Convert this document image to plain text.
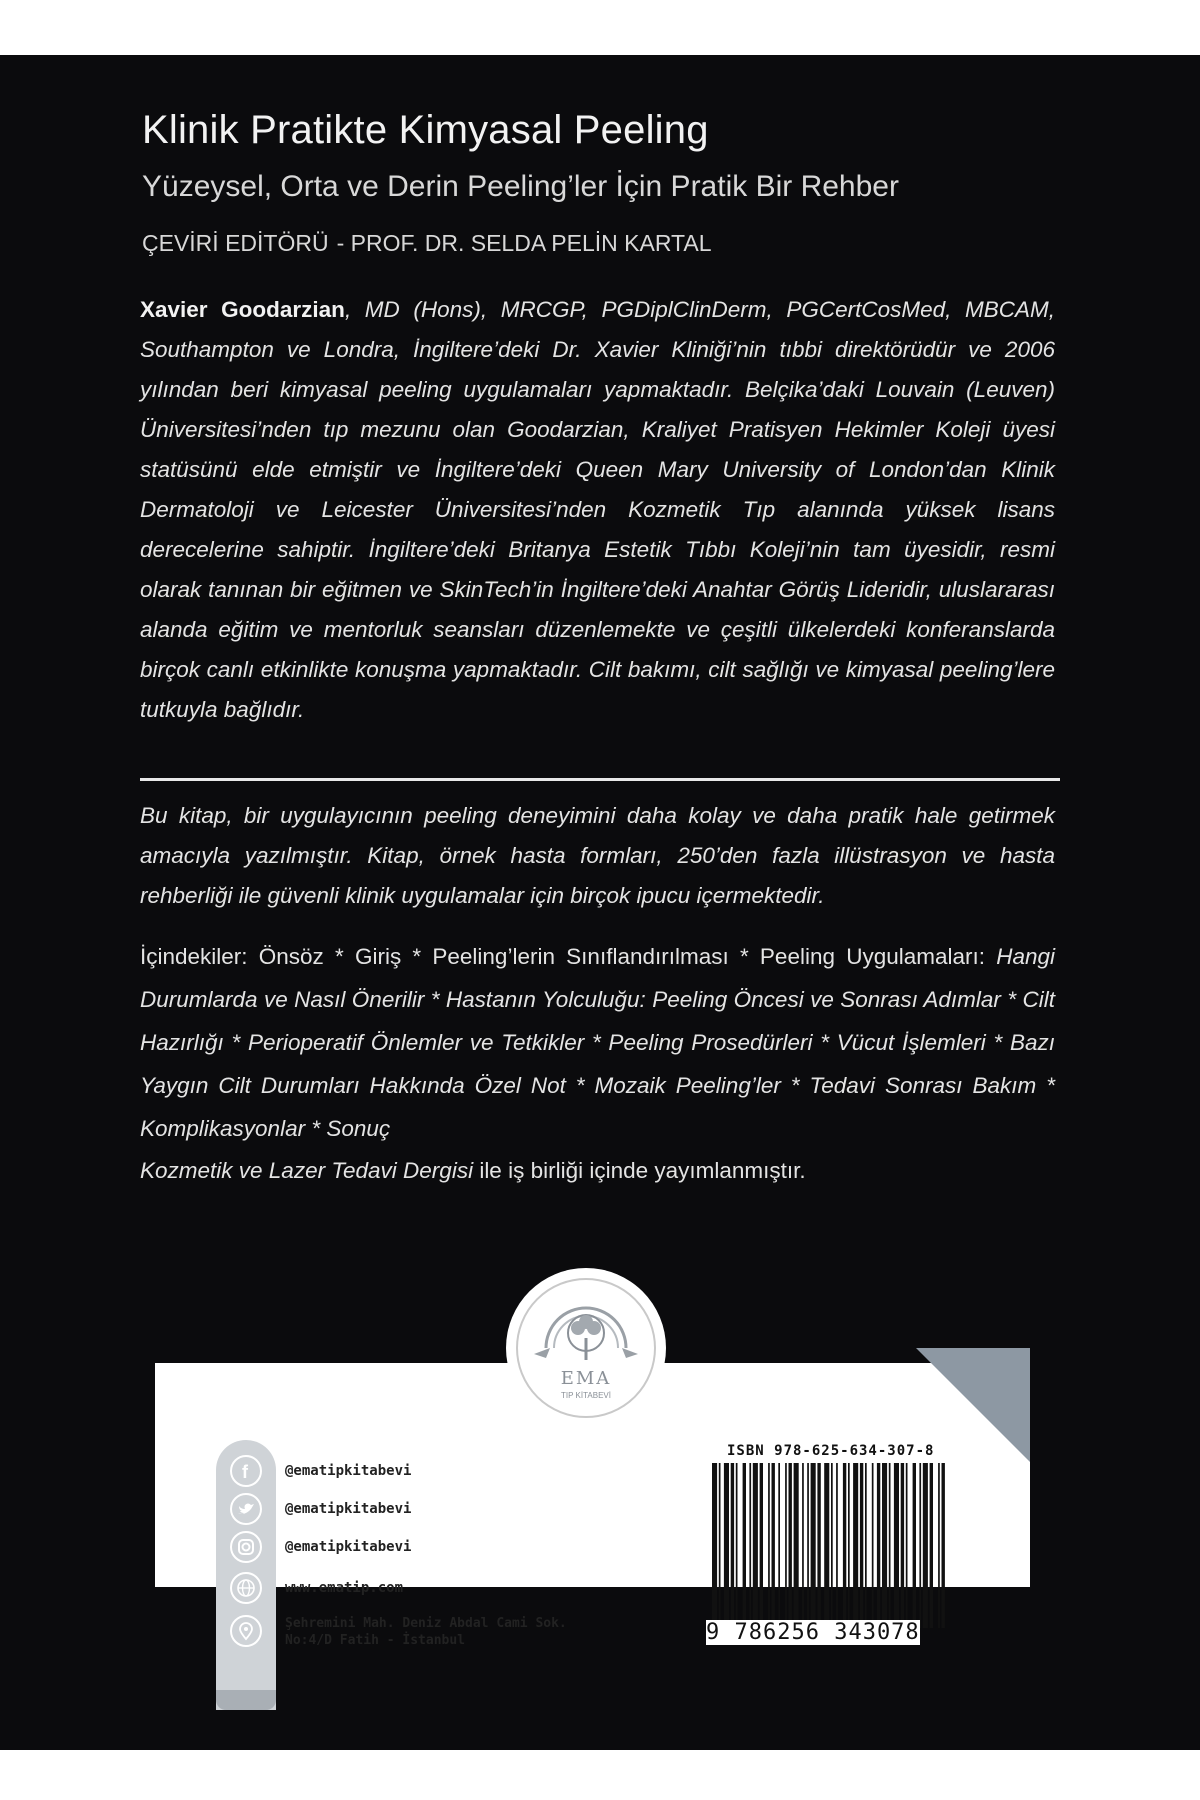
Klinik Pratikte Kimyasal Peeling
Yüzeysel, Orta ve Derin Peeling’ler İçin Pratik Bir Rehber
ÇEVİRİ EDİTÖRÜ - PROF. DR. SELDA PELİN KARTAL
Xavier Goodarzian, MD (Hons), MRCGP, PGDiplClinDerm, PGCertCosMed, MBCAM, Southampton ve Londra, İngiltere’deki Dr. Xavier Kliniği’nin tıbbi direktörüdür ve 2006 yılından beri kimyasal peeling uygulamaları yapmaktadır. Belçika’daki Louvain (Leuven) Üniversitesi’nden tıp mezunu olan Goodarzian, Kraliyet Pratisyen Hekimler Koleji üyesi statüsünü elde etmiştir ve İngiltere’deki Queen Mary University of London’dan Klinik Dermatoloji ve Leicester Üniversitesi’nden Kozmetik Tıp alanında yüksek lisans derecelerine sahiptir. İngiltere’deki Britanya Estetik Tıbbı Koleji’nin tam üyesidir, resmi olarak tanınan bir eğitmen ve SkinTech’in İngiltere’deki Anahtar Görüş Lideridir, uluslararası alanda eğitim ve mentorluk seansları düzenlemekte ve çeşitli ülkelerdeki konferanslarda birçok canlı etkinlikte konuşma yapmaktadır. Cilt bakımı, cilt sağlığı ve kimyasal peeling’lere tutkuyla bağlıdır.
Bu kitap, bir uygulayıcının peeling deneyimini daha kolay ve daha pratik hale getirmek amacıyla yazılmıştır. Kitap, örnek hasta formları, 250’den fazla illüstrasyon ve hasta rehberliği ile güvenli klinik uygulamalar için birçok ipucu içermektedir.
İçindekiler: Önsöz * Giriş * Peeling’lerin Sınıflandırılması * Peeling Uygulamaları: Hangi Durumlarda ve Nasıl Önerilir * Hastanın Yolculuğu: Peeling Öncesi ve Sonrası Adımlar * Cilt Hazırlığı * Perioperatif Önlemler ve Tetkikler * Peeling Prosedürleri * Vücut İşlemleri * Bazı Yaygın Cilt Durumları Hakkında Özel Not * Mozaik Peeling’ler * Tedavi Sonrası Bakım * Komplikasyonlar * Sonuç
Kozmetik ve Lazer Tedavi Dergisi ile iş birliği içinde yayımlanmıştır.
f	@ematipkitabevi
@ematipkitabevi
@ematipkitabevi
www.ematip.com
Şehremini Mah. Deniz Abdal Cami Sok.
No:4/D Fatih - İstanbul
EMA
TIP KİTABEVİ
ISBN 978-625-634-307-8
9 786256 343078
